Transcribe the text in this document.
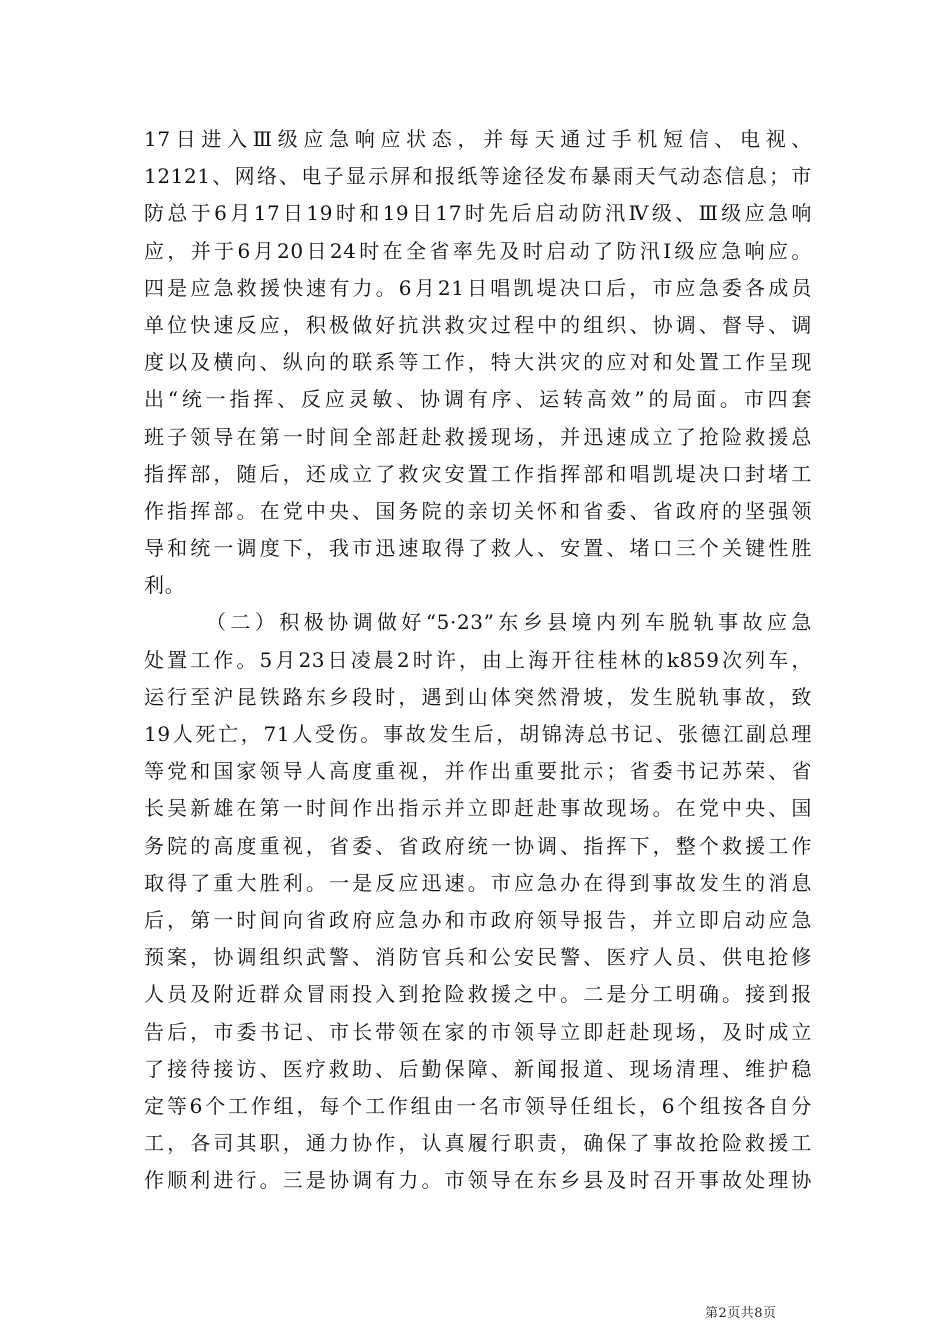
17日进入Ⅲ级应急响应状态，并每天通过手机短信、电视、
12121、网络、电子显示屏和报纸等途径发布暴雨天气动态信息；市
防总于6月17日19时和19日17时先后启动防汛Ⅳ级、Ⅲ级应急响
应，并于6月20日24时在全省率先及时启动了防汛Ⅰ级应急响应。
四是应急救援快速有力。6月21日唱凯堤决口后，市应急委各成员
单位快速反应，积极做好抗洪救灾过程中的组织、协调、督导、调
度以及横向、纵向的联系等工作，特大洪灾的应对和处置工作呈现
出“统一指挥、反应灵敏、协调有序、运转高效”的局面。市四套
班子领导在第一时间全部赶赴救援现场，并迅速成立了抢险救援总
指挥部，随后，还成立了救灾安置工作指挥部和唱凯堤决口封堵工
作指挥部。在党中央、国务院的亲切关怀和省委、省政府的坚强领
导和统一调度下，我市迅速取得了救人、安置、堵口三个关键性胜
利。
（二）积极协调做好“5·23”东乡县境内列车脱轨事故应急
处置工作。5月23日凌晨2时许，由上海开往桂林的k859次列车，
运行至沪昆铁路东乡段时，遇到山体突然滑坡，发生脱轨事故，致
19人死亡，71人受伤。事故发生后，胡锦涛总书记、张德江副总理
等党和国家领导人高度重视，并作出重要批示；省委书记苏荣、省
长吴新雄在第一时间作出指示并立即赶赴事故现场。在党中央、国
务院的高度重视，省委、省政府统一协调、指挥下，整个救援工作
取得了重大胜利。一是反应迅速。市应急办在得到事故发生的消息
后，第一时间向省政府应急办和市政府领导报告，并立即启动应急
预案，协调组织武警、消防官兵和公安民警、医疗人员、供电抢修
人员及附近群众冒雨投入到抢险救援之中。二是分工明确。接到报
告后，市委书记、市长带领在家的市领导立即赶赴现场，及时成立
了接待接访、医疗救助、后勤保障、新闻报道、现场清理、维护稳
定等6个工作组，每个工作组由一名市领导任组长，6个组按各自分
工，各司其职，通力协作，认真履行职责，确保了事故抢险救援工
作顺利进行。三是协调有力。市领导在东乡县及时召开事故处理协
第2页共8页
